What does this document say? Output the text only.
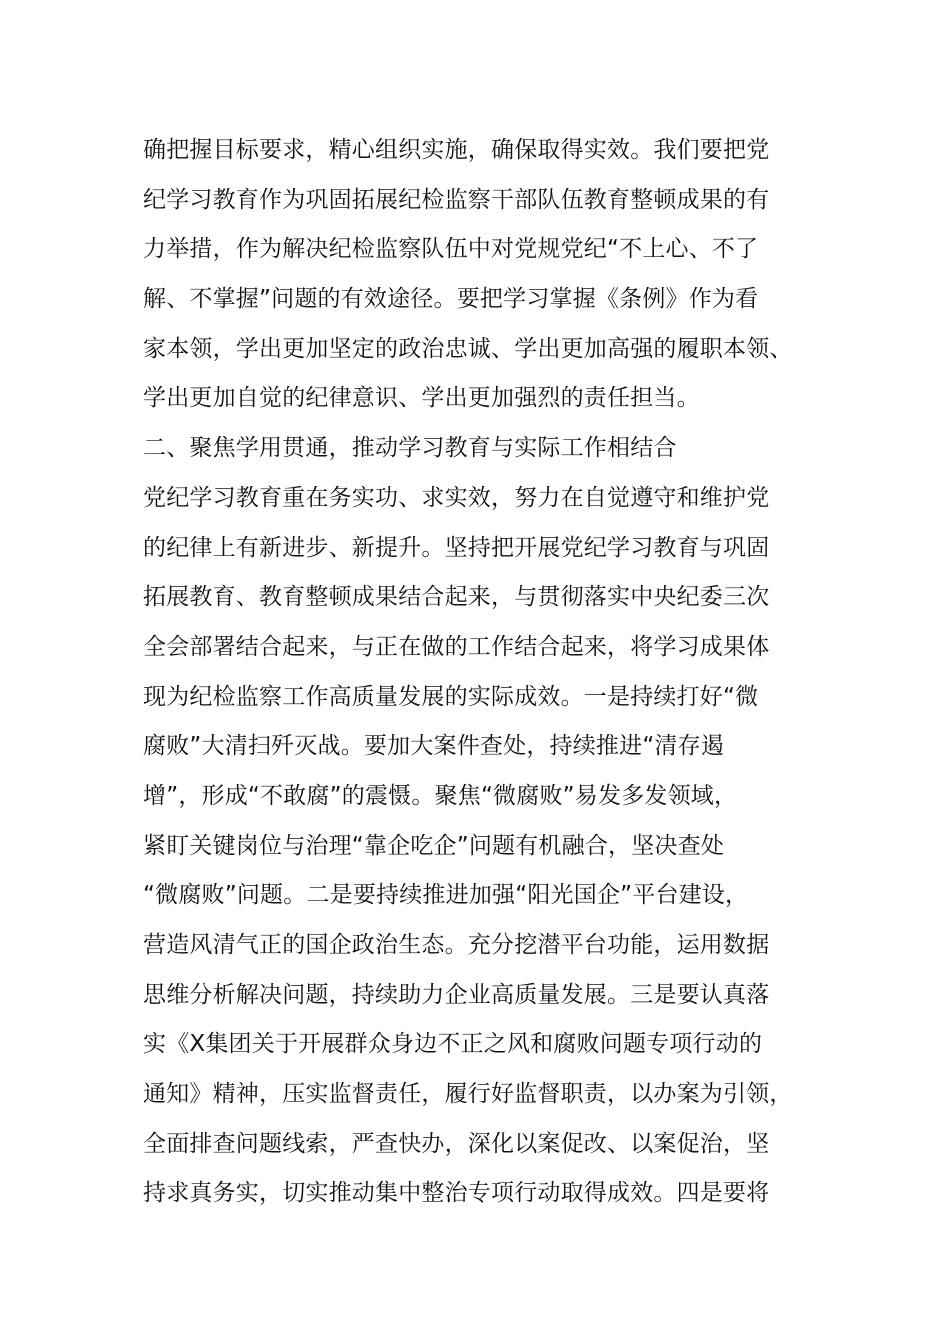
确把握目标要求，精心组织实施，确保取得实效。我们要把党
纪学习教育作为巩固拓展纪检监察干部队伍教育整顿成果的有
力举措，作为解决纪检监察队伍中对党规党纪“不上心、不了
解、不掌握”问题的有效途径。要把学习掌握《条例》作为看
家本领，学出更加坚定的政治忠诚、学出更加高强的履职本领、
学出更加自觉的纪律意识、学出更加强烈的责任担当。
二、聚焦学用贯通，推动学习教育与实际工作相结合
党纪学习教育重在务实功、求实效，努力在自觉遵守和维护党
的纪律上有新进步、新提升。坚持把开展党纪学习教育与巩固
拓展教育、教育整顿成果结合起来，与贯彻落实中央纪委三次
全会部署结合起来，与正在做的工作结合起来，将学习成果体
现为纪检监察工作高质量发展的实际成效。一是持续打好“微
腐败”大清扫歼灭战。要加大案件查处，持续推进“清存遏
增”，形成“不敢腐”的震慑。聚焦“微腐败”易发多发领域，
紧盯关键岗位与治理“靠企吃企”问题有机融合，坚决查处
“微腐败”问题。二是要持续推进加强“阳光国企”平台建设，
营造风清气正的国企政治生态。充分挖潜平台功能，运用数据
思维分析解决问题，持续助力企业高质量发展。三是要认真落
实《X集团关于开展群众身边不正之风和腐败问题专项行动的
通知》精神，压实监督责任，履行好监督职责，以办案为引领，
全面排查问题线索，严查快办，深化以案促改、以案促治，坚
持求真务实，切实推动集中整治专项行动取得成效。四是要将
